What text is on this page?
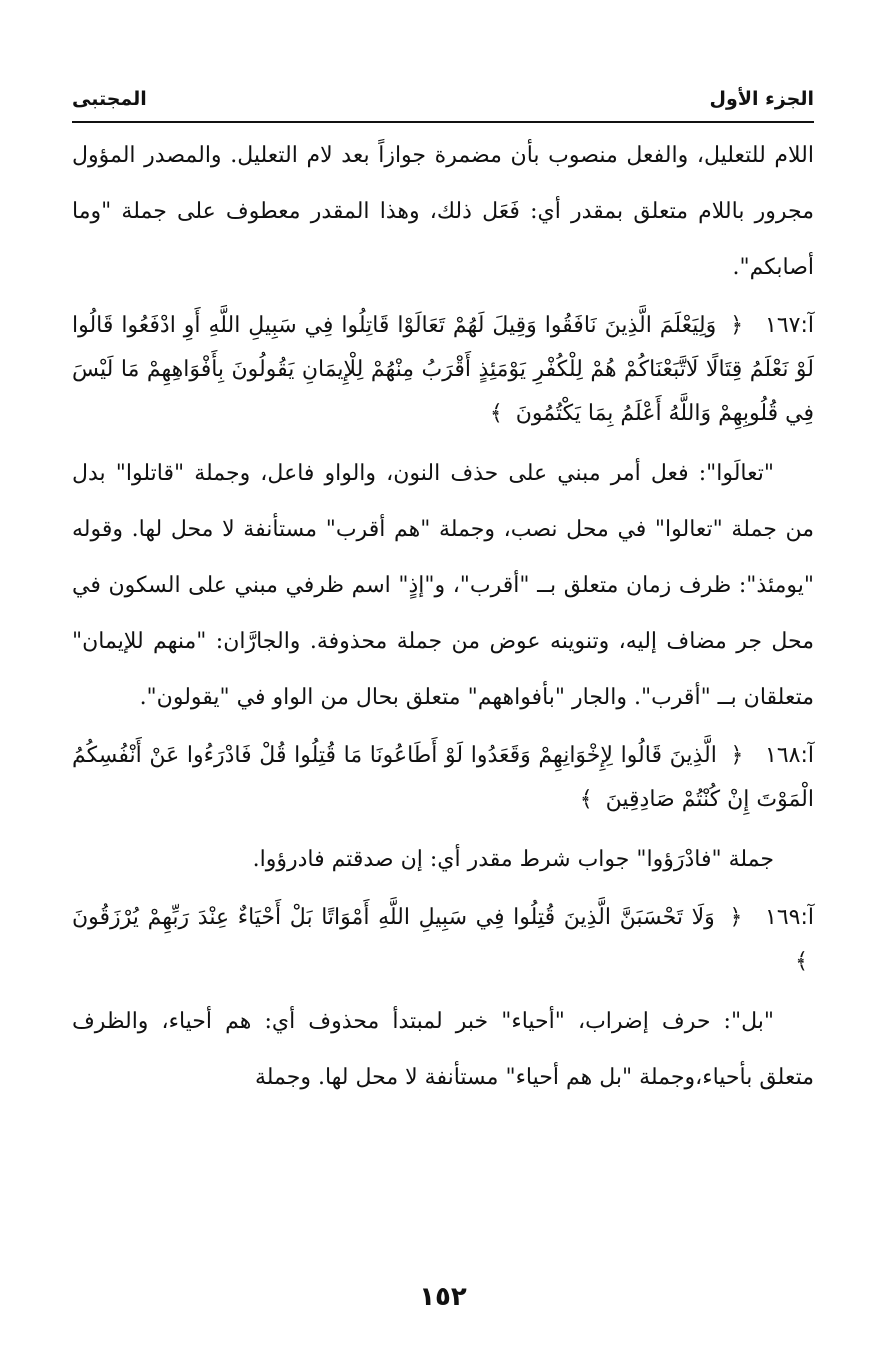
الجزء الأول
المجتبى

اللام للتعليل، والفعل منصوب بأن مضمرة جوازاً بعد لام التعليل. والمصدر المؤول مجرور باللام متعلق بمقدر أي: فَعَل ذلك، وهذا المقدر معطوف على جملة "وما أصابكم".

آ:١٦٧ ﴿ وَلِيَعْلَمَ الَّذِينَ نَافَقُوا وَقِيلَ لَهُمْ تَعَالَوْا قَاتِلُوا فِي سَبِيلِ اللَّهِ أَوِ ادْفَعُوا قَالُوا لَوْ نَعْلَمُ قِتَالًا لَاتَّبَعْنَاكُمْ هُمْ لِلْكُفْرِ يَوْمَئِذٍ أَقْرَبُ مِنْهُمْ لِلْإِيمَانِ يَقُولُونَ بِأَفْوَاهِهِمْ مَا لَيْسَ فِي قُلُوبِهِمْ وَاللَّهُ أَعْلَمُ بِمَا يَكْتُمُونَ ﴾

"تعالَوا": فعل أمر مبني على حذف النون، والواو فاعل، وجملة "قاتلوا" بدل من جملة "تعالوا" في محل نصب، وجملة "هم أقرب" مستأنفة لا محل لها. وقوله "يومئذ": ظرف زمان متعلق بــ "أقرب"، و"إذٍ" اسم ظرفي مبني على السكون في محل جر مضاف إليه، وتنوينه عوض من جملة محذوفة. والجارَّان: "منهم للإيمان" متعلقان بــ "أقرب". والجار "بأفواههم" متعلق بحال من الواو في "يقولون".

آ:١٦٨ ﴿ الَّذِينَ قَالُوا لِإِخْوَانِهِمْ وَقَعَدُوا لَوْ أَطَاعُونَا مَا قُتِلُوا قُلْ فَادْرَءُوا عَنْ أَنْفُسِكُمُ الْمَوْتَ إِنْ كُنْتُمْ صَادِقِينَ ﴾

جملة "فادْرَؤوا" جواب شرط مقدر أي: إن صدقتم فادرؤوا.

آ:١٦٩ ﴿ وَلَا تَحْسَبَنَّ الَّذِينَ قُتِلُوا فِي سَبِيلِ اللَّهِ أَمْوَاتًا بَلْ أَحْيَاءٌ عِنْدَ رَبِّهِمْ يُرْزَقُونَ ﴾

"بل": حرف إضراب، "أحياء" خبر لمبتدأ محذوف أي: هم أحياء، والظرف متعلق بأحياء،وجملة "بل هم أحياء" مستأنفة لا محل لها. وجملة

١٥٢
